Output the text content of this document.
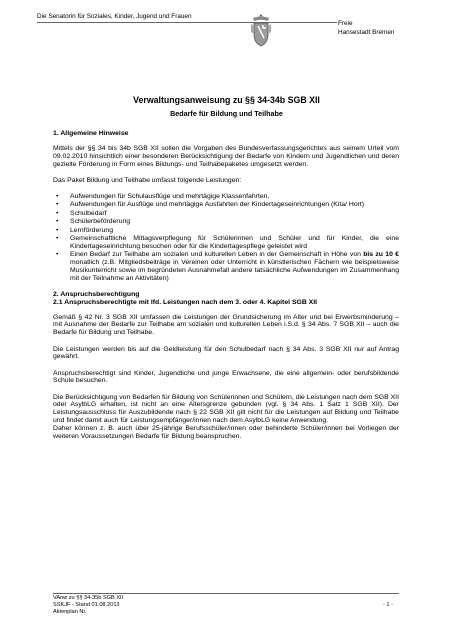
Die Senatorin für Soziales, Kinder, Jugend und Frauen
Freie
Hansestadt Bremen
Verwaltungsanweisung zu §§ 34-34b SGB XII
Bedarfe für Bildung und Teilhabe
1. Allgemeine Hinweise

Mittels der §§ 34 bis 34b SGB XII sollen die Vorgaben des Bundesverfassungsgerichtes aus seinem Urteil vom 09.02.2010 hinsichtlich einer besonderen Berücksichtigung der Bedarfe von Kindern und Jugendlichen und deren gezielte Förderung in Form eines Bildungs- und Teilhabepaketes umgesetzt werden.

Das Paket Bildung und Teilhabe umfasst folgende Leistungen:

• Aufwendungen für Schulausflüge und mehrtägige Klassenfahrten,
• Aufwendungen für Ausflüge und mehrtägige Ausfahrten der Kindertageseinrichtungen (Kita/ Hort)
• Schulbedarf
• Schülerbeförderung
• Lernförderung
• Gemeinschaftliche Mittagsverpflegung für Schülerinnen und Schüler und für Kinder, die eine Kindertageseinrichtung besuchen oder für die Kindertagespflege geleistet wird
• Einen Bedarf zur Teilhabe am sozialen und kulturellen Leben in der Gemeinschaft in Höhe von bis zu 10 € monatlich (z.B. Mitgliedsbeiträge in Vereinen oder Unterricht in künstlerischen Fächern wie beispielsweise Musikunterricht sowie im begründeten Ausnahmefall andere tatsächliche Aufwendungen im Zusammenhang mit der Teilnahme an Aktivitäten)
2. Anspruchsberechtigung
2.1 Anspruchsberechtigte mit lfd. Leistungen nach dem 3. oder 4. Kapitel SGB XII

Gemäß § 42 Nr. 3 SGB XII umfassen die Leistungen der Grundsicherung im Alter und bei Erwerbsminderung – mit Ausnahme der Bedarfe zur Teilhabe am sozialen und kulturellen Leben i.S.d. § 34 Abs. 7 SGB XII – auch die Bedarfe für Bildung und Teilhabe.

Die Leistungen werden bis auf die Geldleistung für den Schulbedarf nach § 34 Abs. 3 SGB XII nur auf Antrag gewährt.

Anspruchsberechtigt sind Kinder, Jugendliche und junge Erwachsene, die eine allgemein- oder berufsbildende Schule besuchen.

Die Berücksichtigung von Bedarfen für Bildung von Schülerinnen und Schülern, die Leistungen nach dem SGB XII oder AsylbLG erhalten, ist nicht an eine Altersgrenze gebunden (vgl. § 34 Abs. 1 Satz 1 SGB XII). Der Leistungsausschluss für Auszubildende nach § 22 SGB XII gilt nicht für die Leistungen auf Bildung und Teilhabe und findet damit auch für Leistungsempfänger/innen nach dem AsylbLG keine Anwendung.

Daher können z. B. auch über 25-jährige Berufsschüler/innen oder behinderte Schüler/innen bei Vorliegen der weiteren Voraussetzungen Bedarfe für Bildung beanspruchen.

VAnw zu §§ 34-35b SGB XII
SSKJF - Stand 01.08.2013
Aktenplan Nr.
- 1 -
